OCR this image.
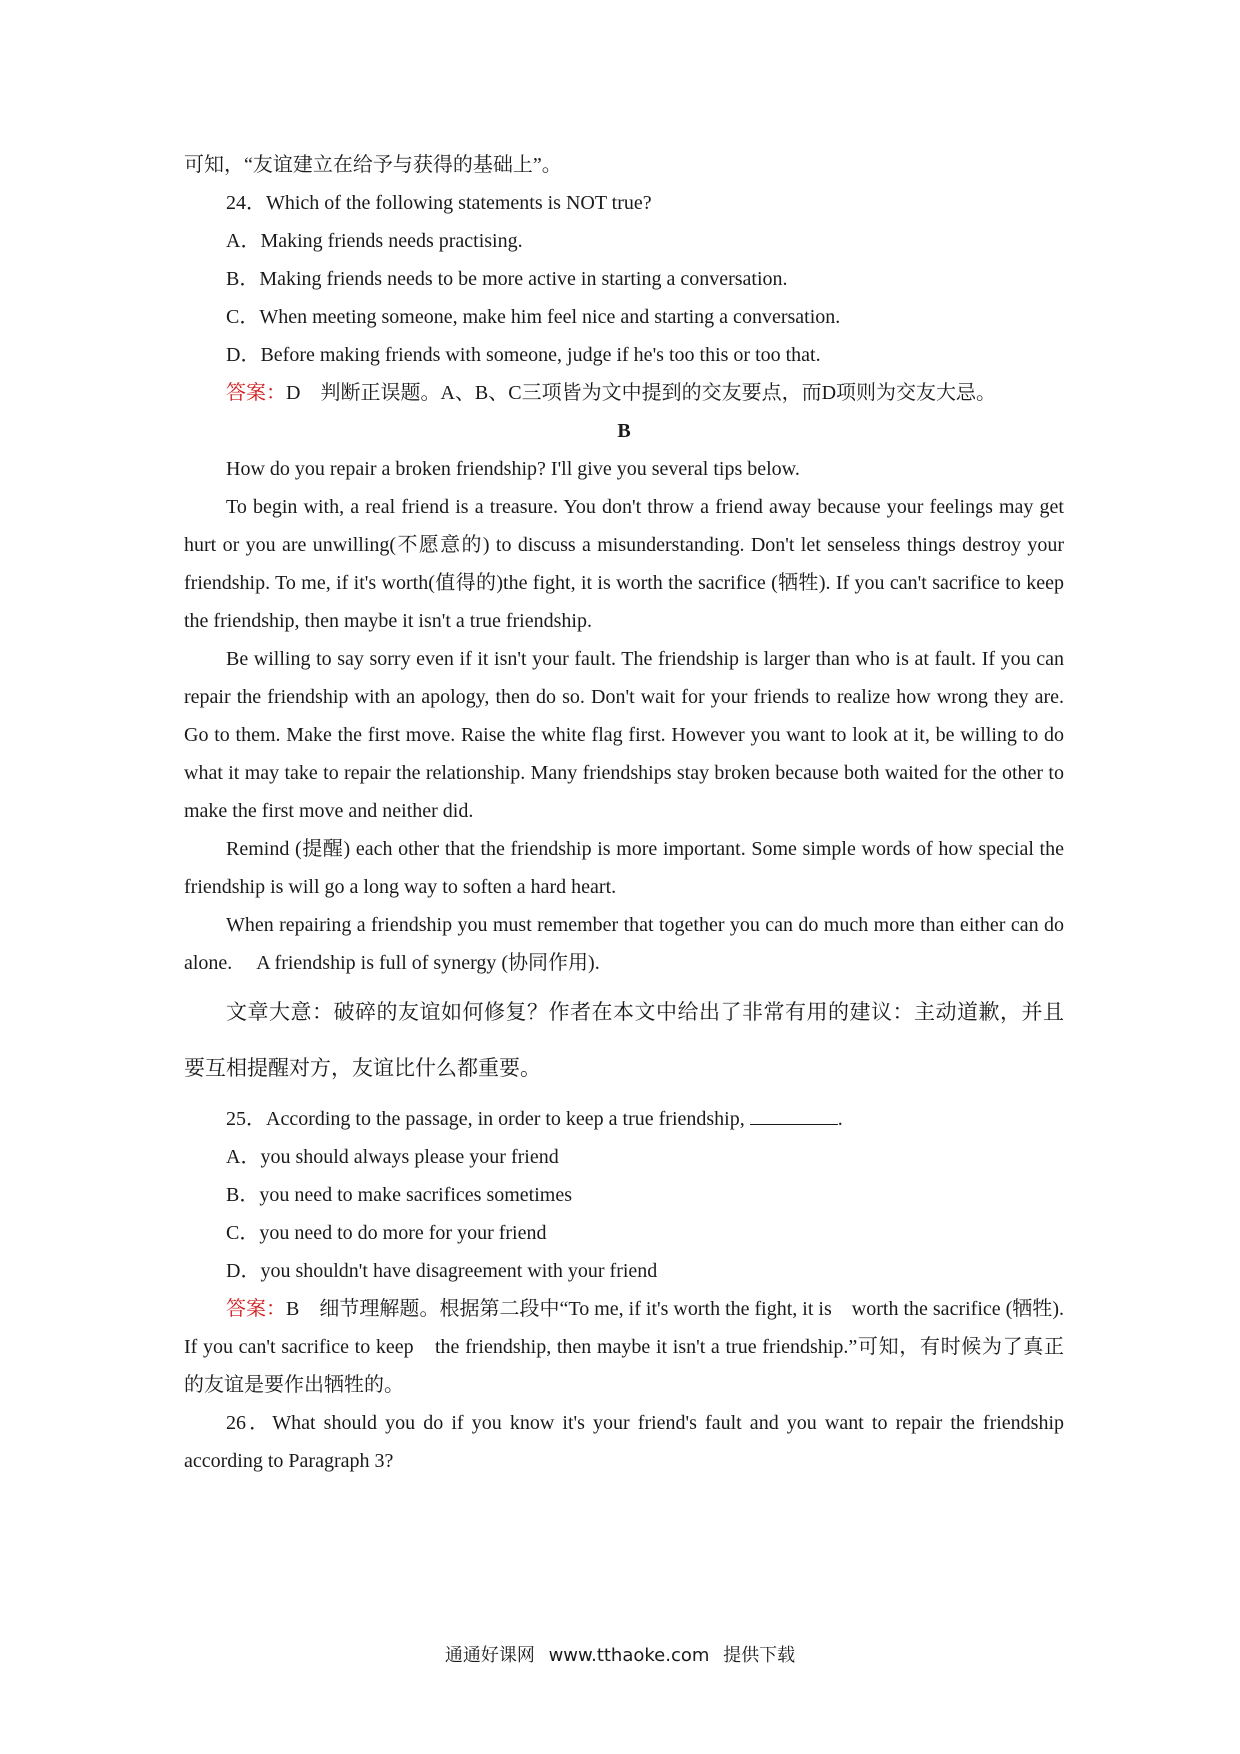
可知，“友谊建立在给予与获得的基础上”。
24．Which of the following statements is NOT true?
A．Making friends needs practising.
B．Making friends needs to be more active in starting a conversation.
C．When meeting someone, make him feel nice and starting a conversation.
D．Before making friends with someone, judge if he's too this or too that.
答案：D　判断正误题。A、B、C三项皆为文中提到的交友要点，而D项则为交友大忌。
B

How do you repair a broken friendship? I'll give you several tips below.

To begin with, a real friend is a treasure. You don't throw a friend away because your feelings may get hurt or you are unwilling(不愿意的) to discuss a misunderstanding. Don't let senseless things destroy your friendship. To me, if it's worth(值得的)the fight, it is worth the sacrifice (牺牲). If you can't sacrifice to keep the friendship, then maybe it isn't a true friendship.

Be willing to say sorry even if it isn't your fault. The friendship is larger than who is at fault. If you can repair the friendship with an apology, then do so. Don't wait for your friends to realize how wrong they are. Go to them. Make the first move. Raise the white flag first. However you want to look at it, be willing to do what it may take to repair the relationship. Many friendships stay broken because both waited for the other to make the first move and neither did.

Remind (提醒) each other that the friendship is more important. Some simple words of how special the friendship is will go a long way to soften a hard heart.

When repairing a friendship you must remember that together you can do much more than either can do alone.　 A friendship is full of synergy (协同作用).

文章大意：破碎的友谊如何修复？作者在本文中给出了非常有用的建议：主动道歉，并且要互相提醒对方，友谊比什么都重要。

25．According to the passage, in order to keep a true friendship,	.
A．you should always please your friend
B．you need to make sacrifices sometimes
C．you need to do more for your friend
D．you shouldn't have disagreement with your friend

答案：B　细节理解题。根据第二段中“To me, if it's worth the fight, it is　worth the sacrifice (牺牲). If you can't sacrifice to keep　the friendship, then maybe it isn't a true friendship.”可知，有时候为了真正的友谊是要作出牺牲的。

26．What should you do if you know it's your friend's fault and you want to repair the friendship according to Paragraph 3?

通通好课网 www.tthaoke.com 提供下载
